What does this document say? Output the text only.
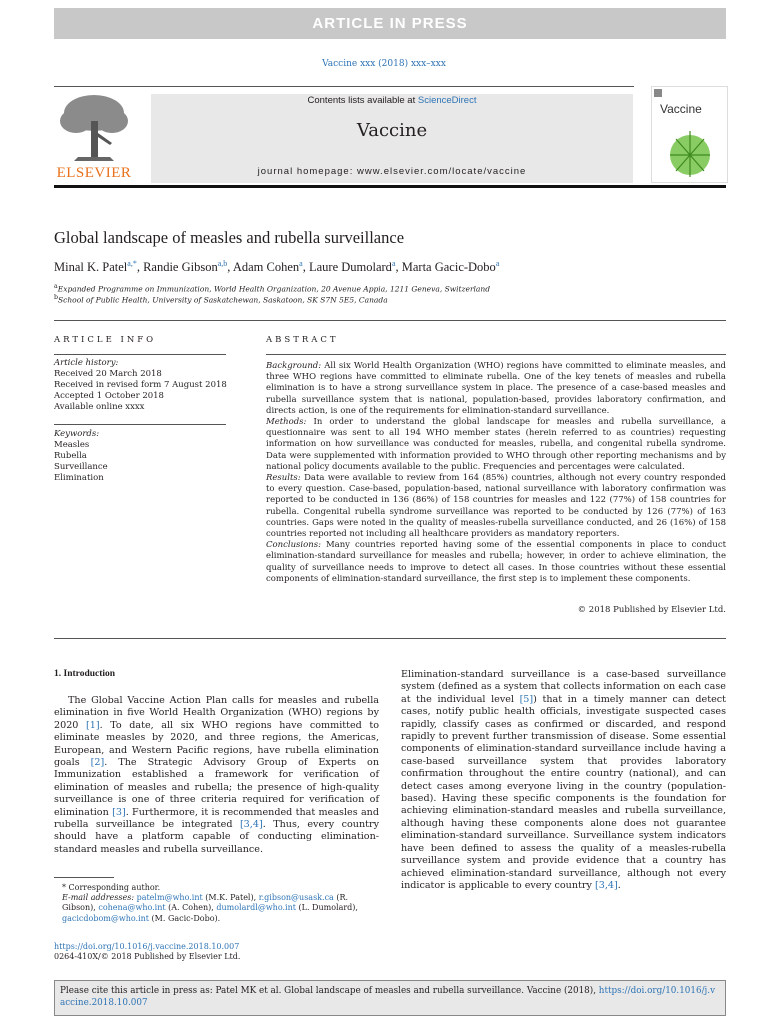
ARTICLE IN PRESS
Vaccine xxx (2018) xxx–xxx
ELSEVIER
Contents lists available at ScienceDirect
Vaccine
journal homepage: www.elsevier.com/locate/vaccine
Vaccine
Global landscape of measles and rubella surveillance
Minal K. Patel$^{a,*}$, Randie Gibson$^{a,b}$, Adam Cohen$^a$, Laure Dumolard$^a$, Marta Gacic-Dobo$^a$
$^a$Expanded Programme on Immunization, World Health Organization, 20 Avenue Appia, 1211 Geneva, Switzerland
$^b$School of Public Health, University of Saskatchewan, Saskatoon, SK S7N 5E5, Canada
ARTICLE INFO
Article history:
Received 20 March 2018
Received in revised form 7 August 2018
Accepted 1 October 2018
Available online xxxx
Keywords:
Measles
Rubella
Surveillance
Elimination
ABSTRACT
Background: All six World Health Organization (WHO) regions have committed to eliminate measles, and three WHO regions have committed to eliminate rubella. One of the key tenets of measles and rubella elimination is to have a strong surveillance system in place. The presence of a case-based measles and rubella surveillance system that is national, population-based, provides laboratory confirmation, and directs action, is one of the requirements for elimination-standard surveillance.
Methods: In order to understand the global landscape for measles and rubella surveillance, a questionnaire was sent to all 194 WHO member states (herein referred to as countries) requesting information on how surveillance was conducted for measles, rubella, and congenital rubella syndrome. Data were supplemented with information provided to WHO through other reporting mechanisms and by national policy documents available to the public. Frequencies and percentages were calculated.
Results: Data were available to review from 164 (85%) countries, although not every country responded to every question. Case-based, population-based, national surveillance with laboratory confirmation was reported to be conducted in 136 (86%) of 158 countries for measles and 122 (77%) of 158 countries for rubella. Congenital rubella syndrome surveillance was reported to be conducted by 126 (77%) of 163 countries. Gaps were noted in the quality of measles-rubella surveillance conducted, and 26 (16%) of 158 countries reported not including all healthcare providers as mandatory reporters.
Conclusions: Many countries reported having some of the essential components in place to conduct elimination-standard surveillance for measles and rubella; however, in order to achieve elimination, the quality of surveillance needs to improve to detect all cases. In those countries without these essential components of elimination-standard surveillance, the first step is to implement these components.
© 2018 Published by Elsevier Ltd.
1. Introduction

The Global Vaccine Action Plan calls for measles and rubella elimination in five World Health Organization (WHO) regions by 2020 [1]. To date, all six WHO regions have committed to eliminate measles by 2020, and three regions, the Americas, European, and Western Pacific regions, have rubella elimination goals [2]. The Strategic Advisory Group of Experts on Immunization established a framework for verification of elimination of measles and rubella; the presence of high-quality surveillance is one of three criteria required for verification of elimination [3]. Furthermore, it is recommended that measles and rubella surveillance be integrated [3,4]. Thus, every country should have a platform capable of conducting elimination-standard measles and rubella surveillance.

Elimination-standard surveillance is a case-based surveillance system (defined as a system that collects information on each case at the individual level [5]) that in a timely manner can detect cases, notify public health officials, investigate suspected cases rapidly, classify cases as confirmed or discarded, and respond rapidly to prevent further transmission of disease. Some essential components of elimination-standard surveillance include having a case-based surveillance system that provides laboratory confirmation throughout the entire country (national), and can detect cases among everyone living in the country (population-based). Having these specific components is the foundation for achieving elimination-standard measles and rubella surveillance, although having these components alone does not guarantee elimination-standard surveillance. Surveillance system indicators have been defined to assess the quality of a measles-rubella surveillance system and provide evidence that a country has achieved elimination-standard surveillance, although not every indicator is applicable to every country [3,4].

* Corresponding author.
E-mail addresses: patelm@who.int (M.K. Patel), r.gibson@usask.ca (R. Gibson), cohena@who.int (A. Cohen), dumolardl@who.int (L. Dumolard), gacicdobom@who.int (M. Gacic-Dobo).
https://doi.org/10.1016/j.vaccine.2018.10.007
0264-410X/© 2018 Published by Elsevier Ltd.
Please cite this article in press as: Patel MK et al. Global landscape of measles and rubella surveillance. Vaccine (2018), https://doi.org/10.1016/j.vaccine.2018.10.007
